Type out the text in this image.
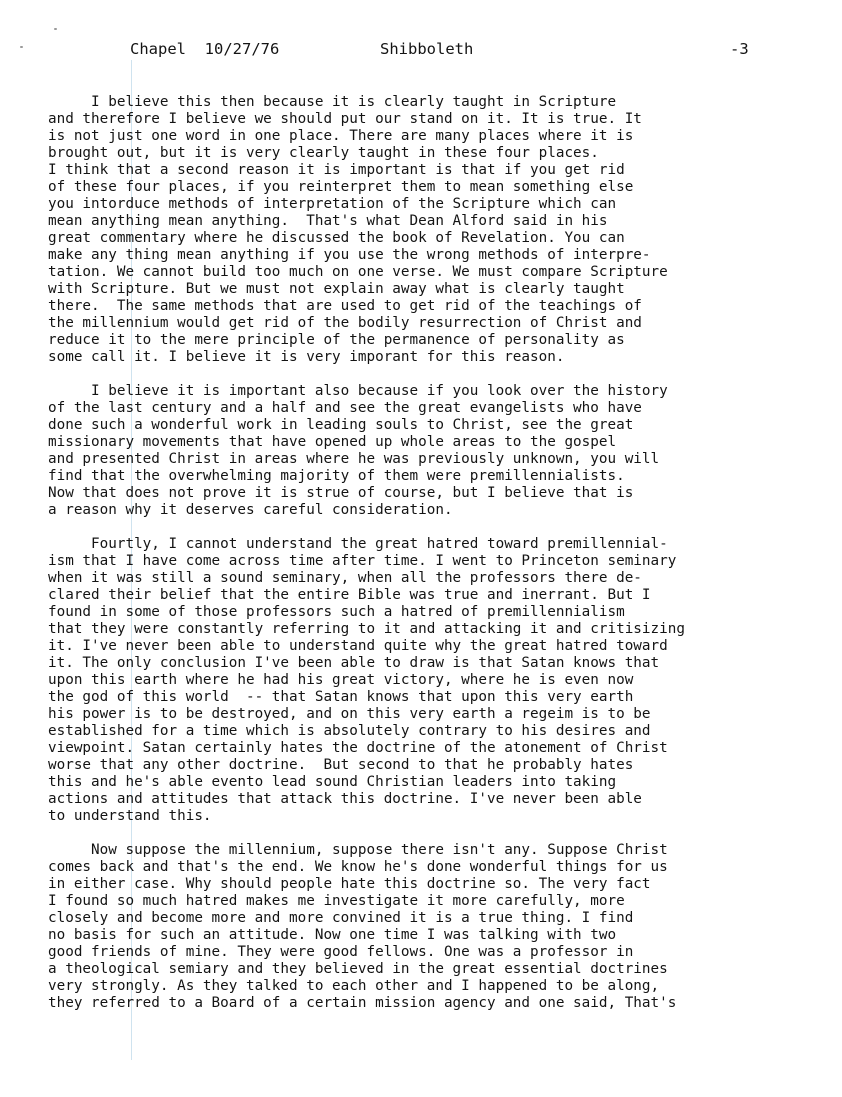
Chapel  10/27/76	Shibboleth	-3
I believe this then because it is clearly taught in Scripture
and therefore I believe we should put our stand on it. It is true. It
is not just one word in one place. There are many places where it is
brought out, but it is very clearly taught in these four places.
I think that a second reason it is important is that if you get rid
of these four places, if you reinterpret them to mean something else
you intorduce methods of interpretation of the Scripture which can
mean anything mean anything.  That's what Dean Alford said in his
great commentary where he discussed the book of Revelation. You can
make any thing mean anything if you use the wrong methods of interpre-
tation. We cannot build too much on one verse. We must compare Scripture
with Scripture. But we must not explain away what is clearly taught
there.  The same methods that are used to get rid of the teachings of
the millennium would get rid of the bodily resurrection of Christ and
reduce it to the mere principle of the permanence of personality as
some call it. I believe it is very imporant for this reason.
I believe it is important also because if you look over the history
of the last century and a half and see the great evangelists who have
done such a wonderful work in leading souls to Christ, see the great
missionary movements that have opened up whole areas to the gospel
and presented Christ in areas where he was previously unknown, you will
find that the overwhelming majority of them were premillennialists.
Now that does not prove it is strue of course, but I believe that is
a reason why it deserves careful consideration.
Fourtly, I cannot understand the great hatred toward premillennial-
ism that I have come across time after time. I went to Princeton seminary
when it was still a sound seminary, when all the professors there de-
clared their belief that the entire Bible was true and inerrant. But I
found in some of those professors such a hatred of premillennialism
that they were constantly referring to it and attacking it and critisizing
it. I've never been able to understand quite why the great hatred toward
it. The only conclusion I've been able to draw is that Satan knows that
upon this earth where he had his great victory, where he is even now
the god of this world  -- that Satan knows that upon this very earth
his power is to be destroyed, and on this very earth a regeim is to be
established for a time which is absolutely contrary to his desires and
viewpoint. Satan certainly hates the doctrine of the atonement of Christ
worse that any other doctrine.  But second to that he probably hates
this and he's able evento lead sound Christian leaders into taking
actions and attitudes that attack this doctrine. I've never been able
to understand this.
Now suppose the millennium, suppose there isn't any. Suppose Christ
comes back and that's the end. We know he's done wonderful things for us
in either case. Why should people hate this doctrine so. The very fact
I found so much hatred makes me investigate it more carefully, more
closely and become more and more convined it is a true thing. I find
no basis for such an attitude. Now one time I was talking with two
good friends of mine. They were good fellows. One was a professor in
a theological semiary and they believed in the great essential doctrines
very strongly. As they talked to each other and I happened to be along,
they referred to a Board of a certain mission agency and one said, That's
